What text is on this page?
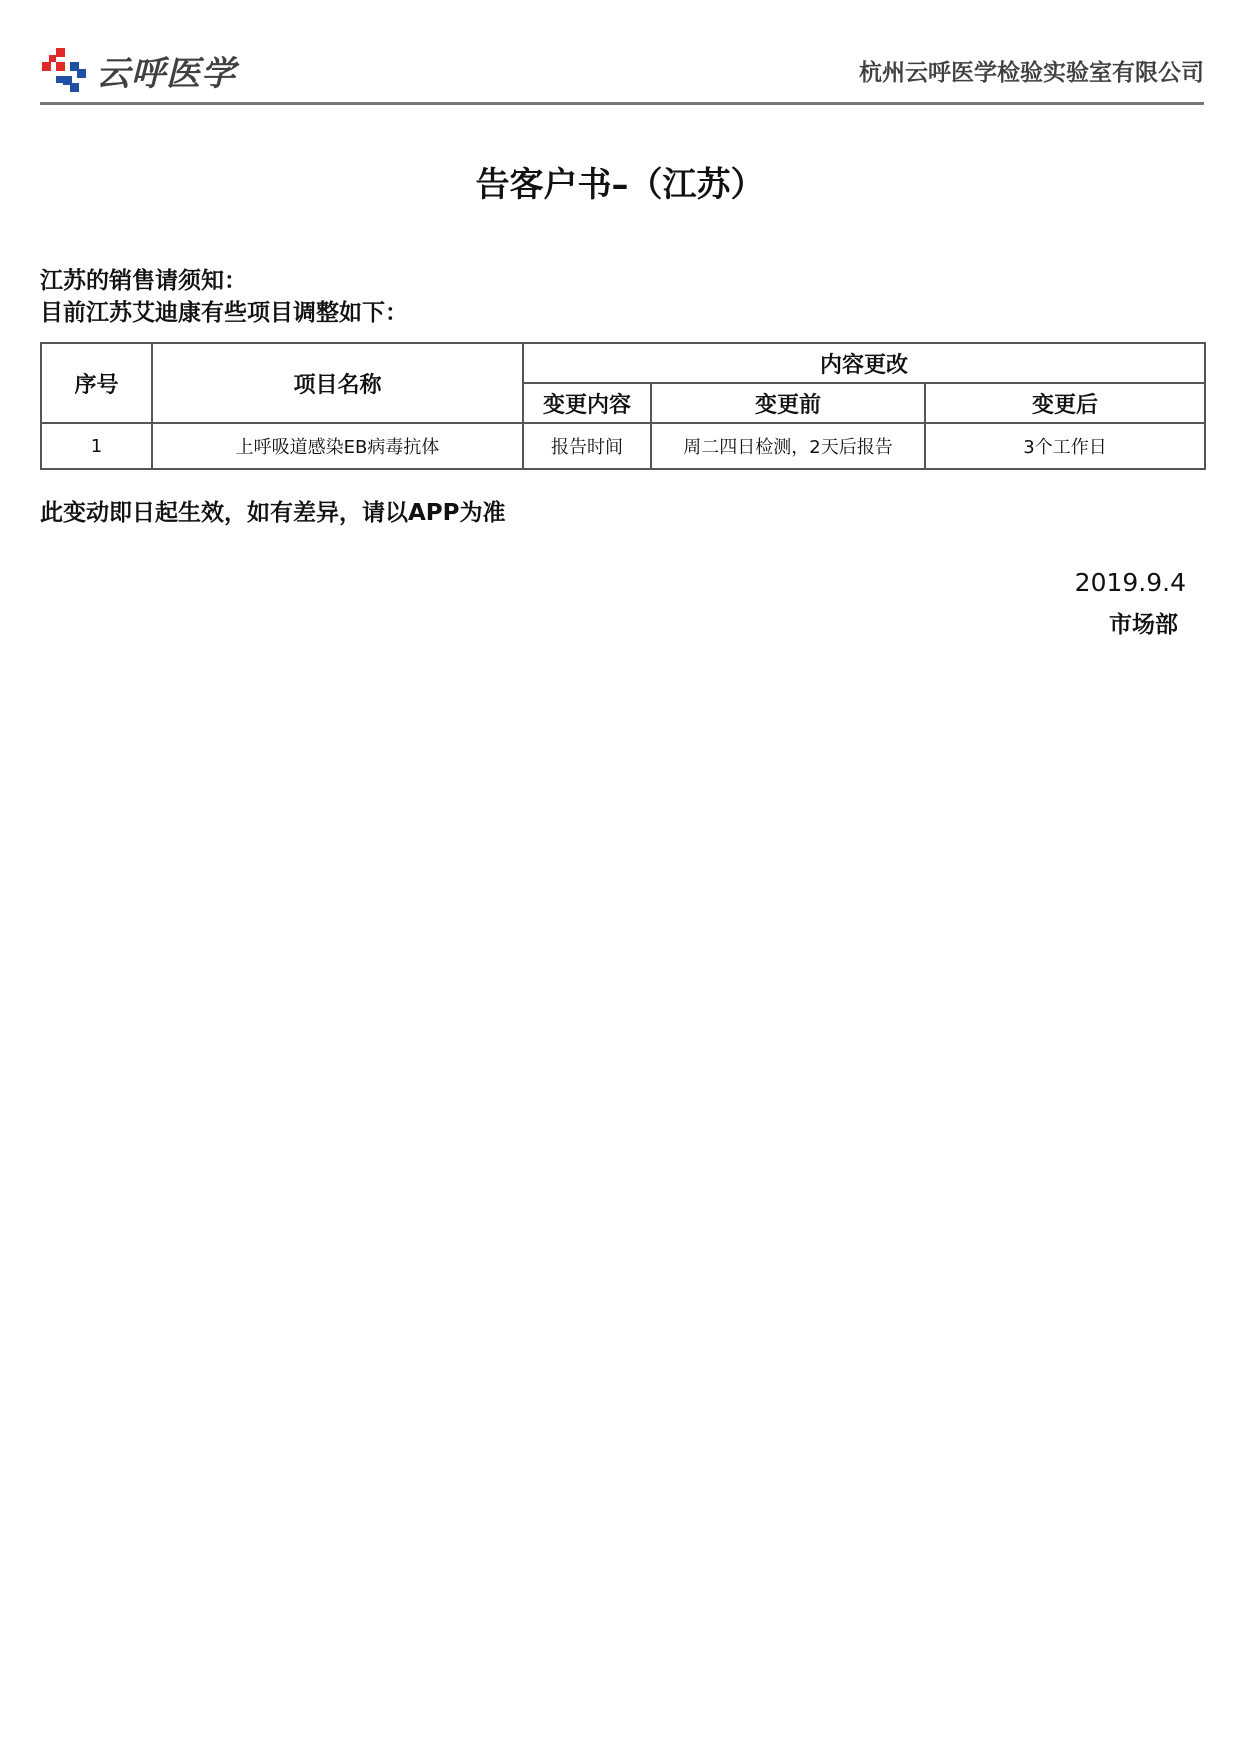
云呼医学	杭州云呼医学检验实验室有限公司
告客户书–（江苏）
江苏的销售请须知：
目前江苏艾迪康有些项目调整如下：
序号	项目名称	内容更改		
		变更内容	变更前	变更后
1	上呼吸道感染EB病毒抗体	报告时间	周二四日检测，2天后报告	3个工作日
此变动即日起生效，如有差异，请以APP为准
2019.9.4
市场部
